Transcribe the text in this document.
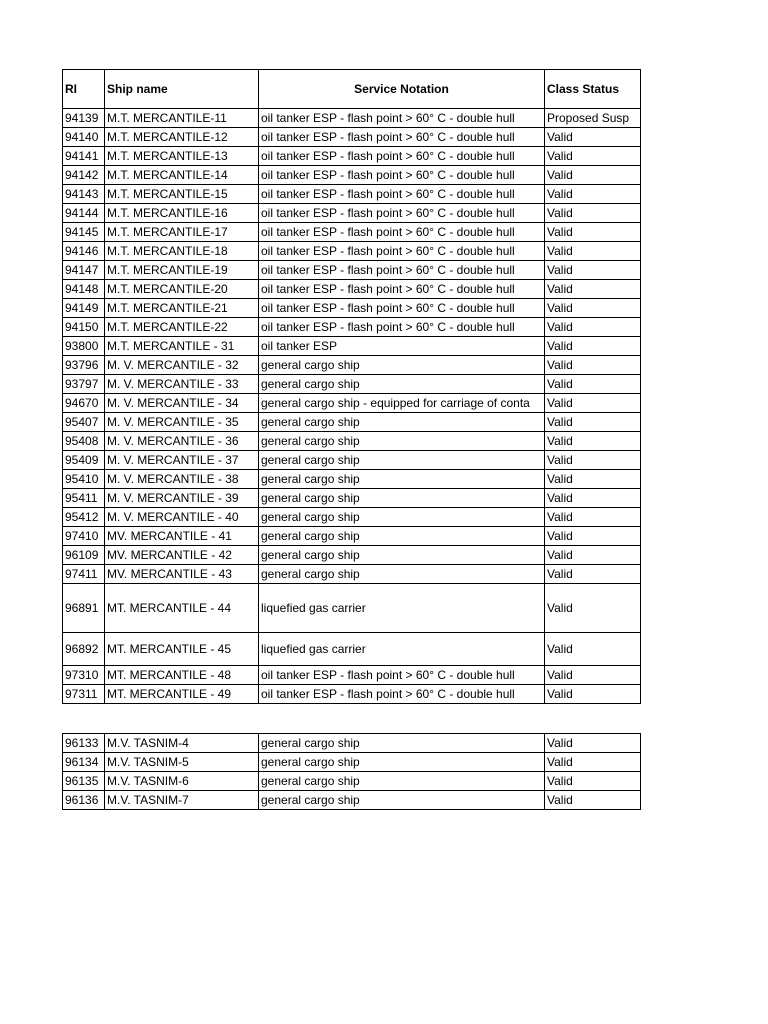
RI	Ship name	Service Notation	Class Status
94139	M.T. MERCANTILE-11	oil tanker ESP - flash point > 60° C - double hull	Proposed Susp
94140	M.T. MERCANTILE-12	oil tanker ESP - flash point > 60° C - double hull	Valid
94141	M.T. MERCANTILE-13	oil tanker ESP - flash point > 60° C - double hull	Valid
94142	M.T. MERCANTILE-14	oil tanker ESP - flash point > 60° C - double hull	Valid
94143	M.T. MERCANTILE-15	oil tanker ESP - flash point > 60° C - double hull	Valid
94144	M.T. MERCANTILE-16	oil tanker ESP - flash point > 60° C - double hull	Valid
94145	M.T. MERCANTILE-17	oil tanker ESP - flash point > 60° C - double hull	Valid
94146	M.T. MERCANTILE-18	oil tanker ESP - flash point > 60° C - double hull	Valid
94147	M.T. MERCANTILE-19	oil tanker ESP - flash point > 60° C - double hull	Valid
94148	M.T. MERCANTILE-20	oil tanker ESP - flash point > 60° C - double hull	Valid
94149	M.T. MERCANTILE-21	oil tanker ESP - flash point > 60° C - double hull	Valid
94150	M.T. MERCANTILE-22	oil tanker ESP - flash point > 60° C - double hull	Valid
93800	M.T. MERCANTILE - 31	oil tanker ESP	Valid
93796	M. V. MERCANTILE - 32	general cargo ship	Valid
93797	M. V. MERCANTILE - 33	general cargo ship	Valid
94670	M. V. MERCANTILE - 34	general cargo ship - equipped for carriage of conta	Valid
95407	M. V. MERCANTILE - 35	general cargo ship	Valid
95408	M. V. MERCANTILE - 36	general cargo ship	Valid
95409	M. V. MERCANTILE - 37	general cargo ship	Valid
95410	M. V. MERCANTILE - 38	general cargo ship	Valid
95411	M. V. MERCANTILE - 39	general cargo ship	Valid
95412	M. V. MERCANTILE - 40	general cargo ship	Valid
97410	MV. MERCANTILE - 41	general cargo ship	Valid
96109	MV. MERCANTILE - 42	general cargo ship	Valid
97411	MV. MERCANTILE - 43	general cargo ship	Valid
96891	MT. MERCANTILE - 44	liquefied gas carrier	Valid
96892	MT. MERCANTILE - 45	liquefied gas carrier	Valid
97310	MT. MERCANTILE - 48	oil tanker ESP - flash point > 60° C - double hull	Valid
97311	MT. MERCANTILE - 49	oil tanker ESP - flash point > 60° C - double hull	Valid
96133	M.V. TASNIM-4	general cargo ship	Valid
96134	M.V. TASNIM-5	general cargo ship	Valid
96135	M.V. TASNIM-6	general cargo ship	Valid
96136	M.V. TASNIM-7	general cargo ship	Valid
